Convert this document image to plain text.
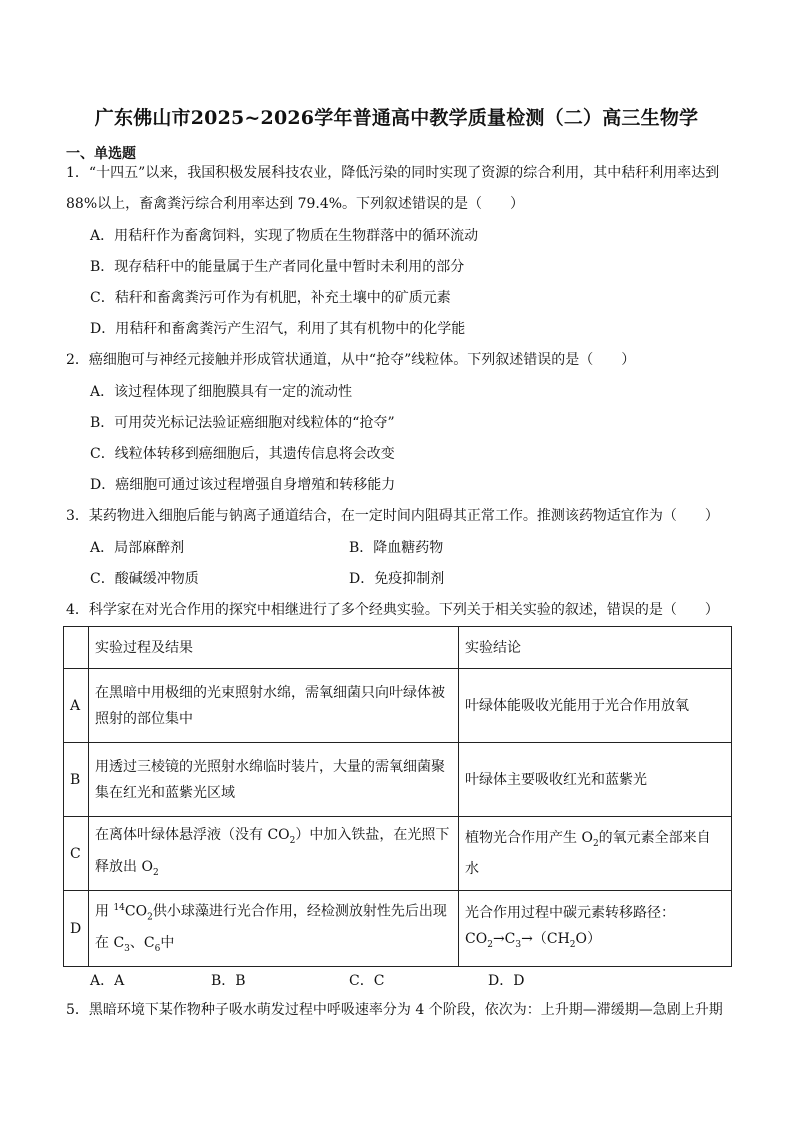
广东佛山市2025~2026学年普通高中教学质量检测（二）高三生物学
一、单选题
1．“十四五”以来，我国积极发展科技农业，降低污染的同时实现了资源的综合利用，其中秸秆利用率达到
88%以上，畜禽粪污综合利用率达到 79.4%。下列叙述错误的是（　　）
A．用秸秆作为畜禽饲料，实现了物质在生物群落中的循环流动
B．现存秸秆中的能量属于生产者同化量中暂时未利用的部分
C．秸秆和畜禽粪污可作为有机肥，补充土壤中的矿质元素
D．用秸秆和畜禽粪污产生沼气，利用了其有机物中的化学能
2．癌细胞可与神经元接触并形成管状通道，从中“抢夺”线粒体。下列叙述错误的是（　　）
A．该过程体现了细胞膜具有一定的流动性
B．可用荧光标记法验证癌细胞对线粒体的“抢夺”
C．线粒体转移到癌细胞后，其遗传信息将会改变
D．癌细胞可通过该过程增强自身增殖和转移能力
3．某药物进入细胞后能与钠离子通道结合，在一定时间内阻碍其正常工作。推测该药物适宜作为（　　）
A．局部麻醉剂	B．降血糖药物
C．酸碱缓冲物质	D．免疫抑制剂
4．科学家在对光合作用的探究中相继进行了多个经典实验。下列关于相关实验的叙述，错误的是（　　）
	实验过程及结果	实验结论
A	在黑暗中用极细的光束照射水绵，需氧细菌只向叶绿体被
照射的部位集中	叶绿体能吸收光能用于光合作用放氧
B	用透过三棱镜的光照射水绵临时装片，大量的需氧细菌聚
集在红光和蓝紫光区域	叶绿体主要吸收红光和蓝紫光
C	在离体叶绿体悬浮液（没有 $CO_2$）中加入铁盐，在光照下
释放出 $O_2$	植物光合作用产生 $O_2$的氧元素全部来自
水
D	用 $^{14}CO_2$供小球藻进行光合作用，经检测放射性先后出现
在 $C_3$、$C_6$中	光合作用过程中碳元素转移路径：
$CO_2\to C_3\to(CH_2O)$
A．A	B．B	C．C	D．D
5．黑暗环境下某作物种子吸水萌发过程中呼吸速率分为 4 个阶段，依次为：上升期—滞缓期—急剧上升期
